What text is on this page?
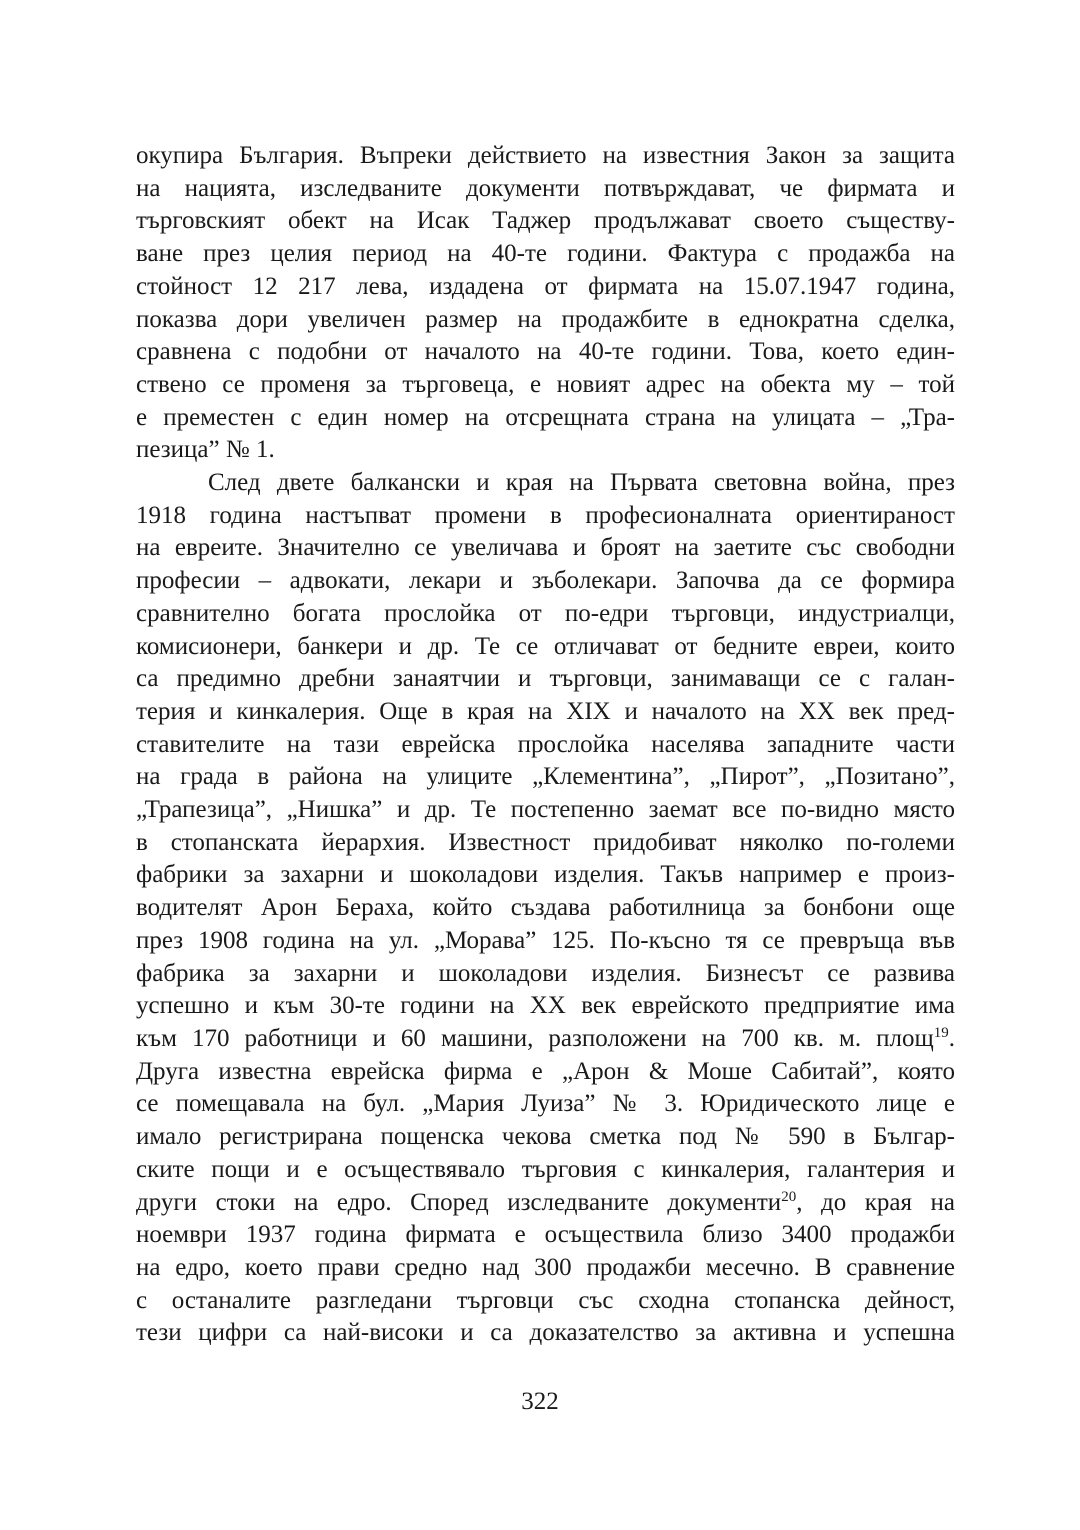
окупира България. Въпреки действието на известния Закон за защита
на нацията, изследваните документи потвърждават, че фирмата и
търговският обект на Исак Таджер продължават своето съществу-
ване през целия период на 40-те години. Фактура с продажба на
стойност 12 217 лева, издадена от фирмата на 15.07.1947 година,
показва дори увеличен размер на продажбите в еднократна сделка,
сравнена с подобни от началото на 40-те години. Това, което един-
ствено се променя за търговеца, е новият адрес на обекта му – той
е преместен с един номер на отсрещната страна на улицата – „Тра-
пезица” № 1.
След двете балкански и края на Първата световна война, през
1918 година настъпват промени в професионалната ориентираност
на евреите. Значително се увеличава и броят на заетите със свободни
професии – адвокати, лекари и зъболекари. Започва да се формира
сравнително богата прослойка от по-едри търговци, индустриалци,
комисионери, банкери и др. Те се отличават от бедните евреи, които
са предимно дребни занаятчии и търговци, занимаващи се с галан-
терия и кинкалерия. Още в края на XIX и началото на XX век пред-
ставителите на тази еврейска прослойка населява западните части
на града в района на улиците „Клементина”, „Пирот”, „Позитано”,
„Трапезица”, „Нишка” и др. Те постепенно заемат все по-видно място
в стопанската йерархия. Известност придобиват няколко по-големи
фабрики за захарни и шоколадови изделия. Такъв например е произ-
водителят Арон Бераха, който създава работилница за бонбони още
през 1908 година на ул. „Морава” 125. По-късно тя се превръща във
фабрика за захарни и шоколадови изделия. Бизнесът се развива
успешно и към 30-те години на XX век еврейското предприятие има
към 170 работници и 60 машини, разположени на 700 кв. м. площ$^{19}$.
Друга известна еврейска фирма е „Арон & Моше Сабитай”, която
се помещавала на бул. „Мария Луиза” № 3. Юридическото лице е
имало регистрирана пощенска чекова сметка под № 590 в Българ-
ските пощи и е осъществявало търговия с кинкалерия, галантерия и
други стоки на едро. Според изследваните документи$^{20}$, до края на
ноември 1937 година фирмата е осъществила близо 3400 продажби
на едро, което прави средно над 300 продажби месечно. В сравнение
с останалите разгледани търговци със сходна стопанска дейност,
тези цифри са най-високи и са доказателство за активна и успешна
322
